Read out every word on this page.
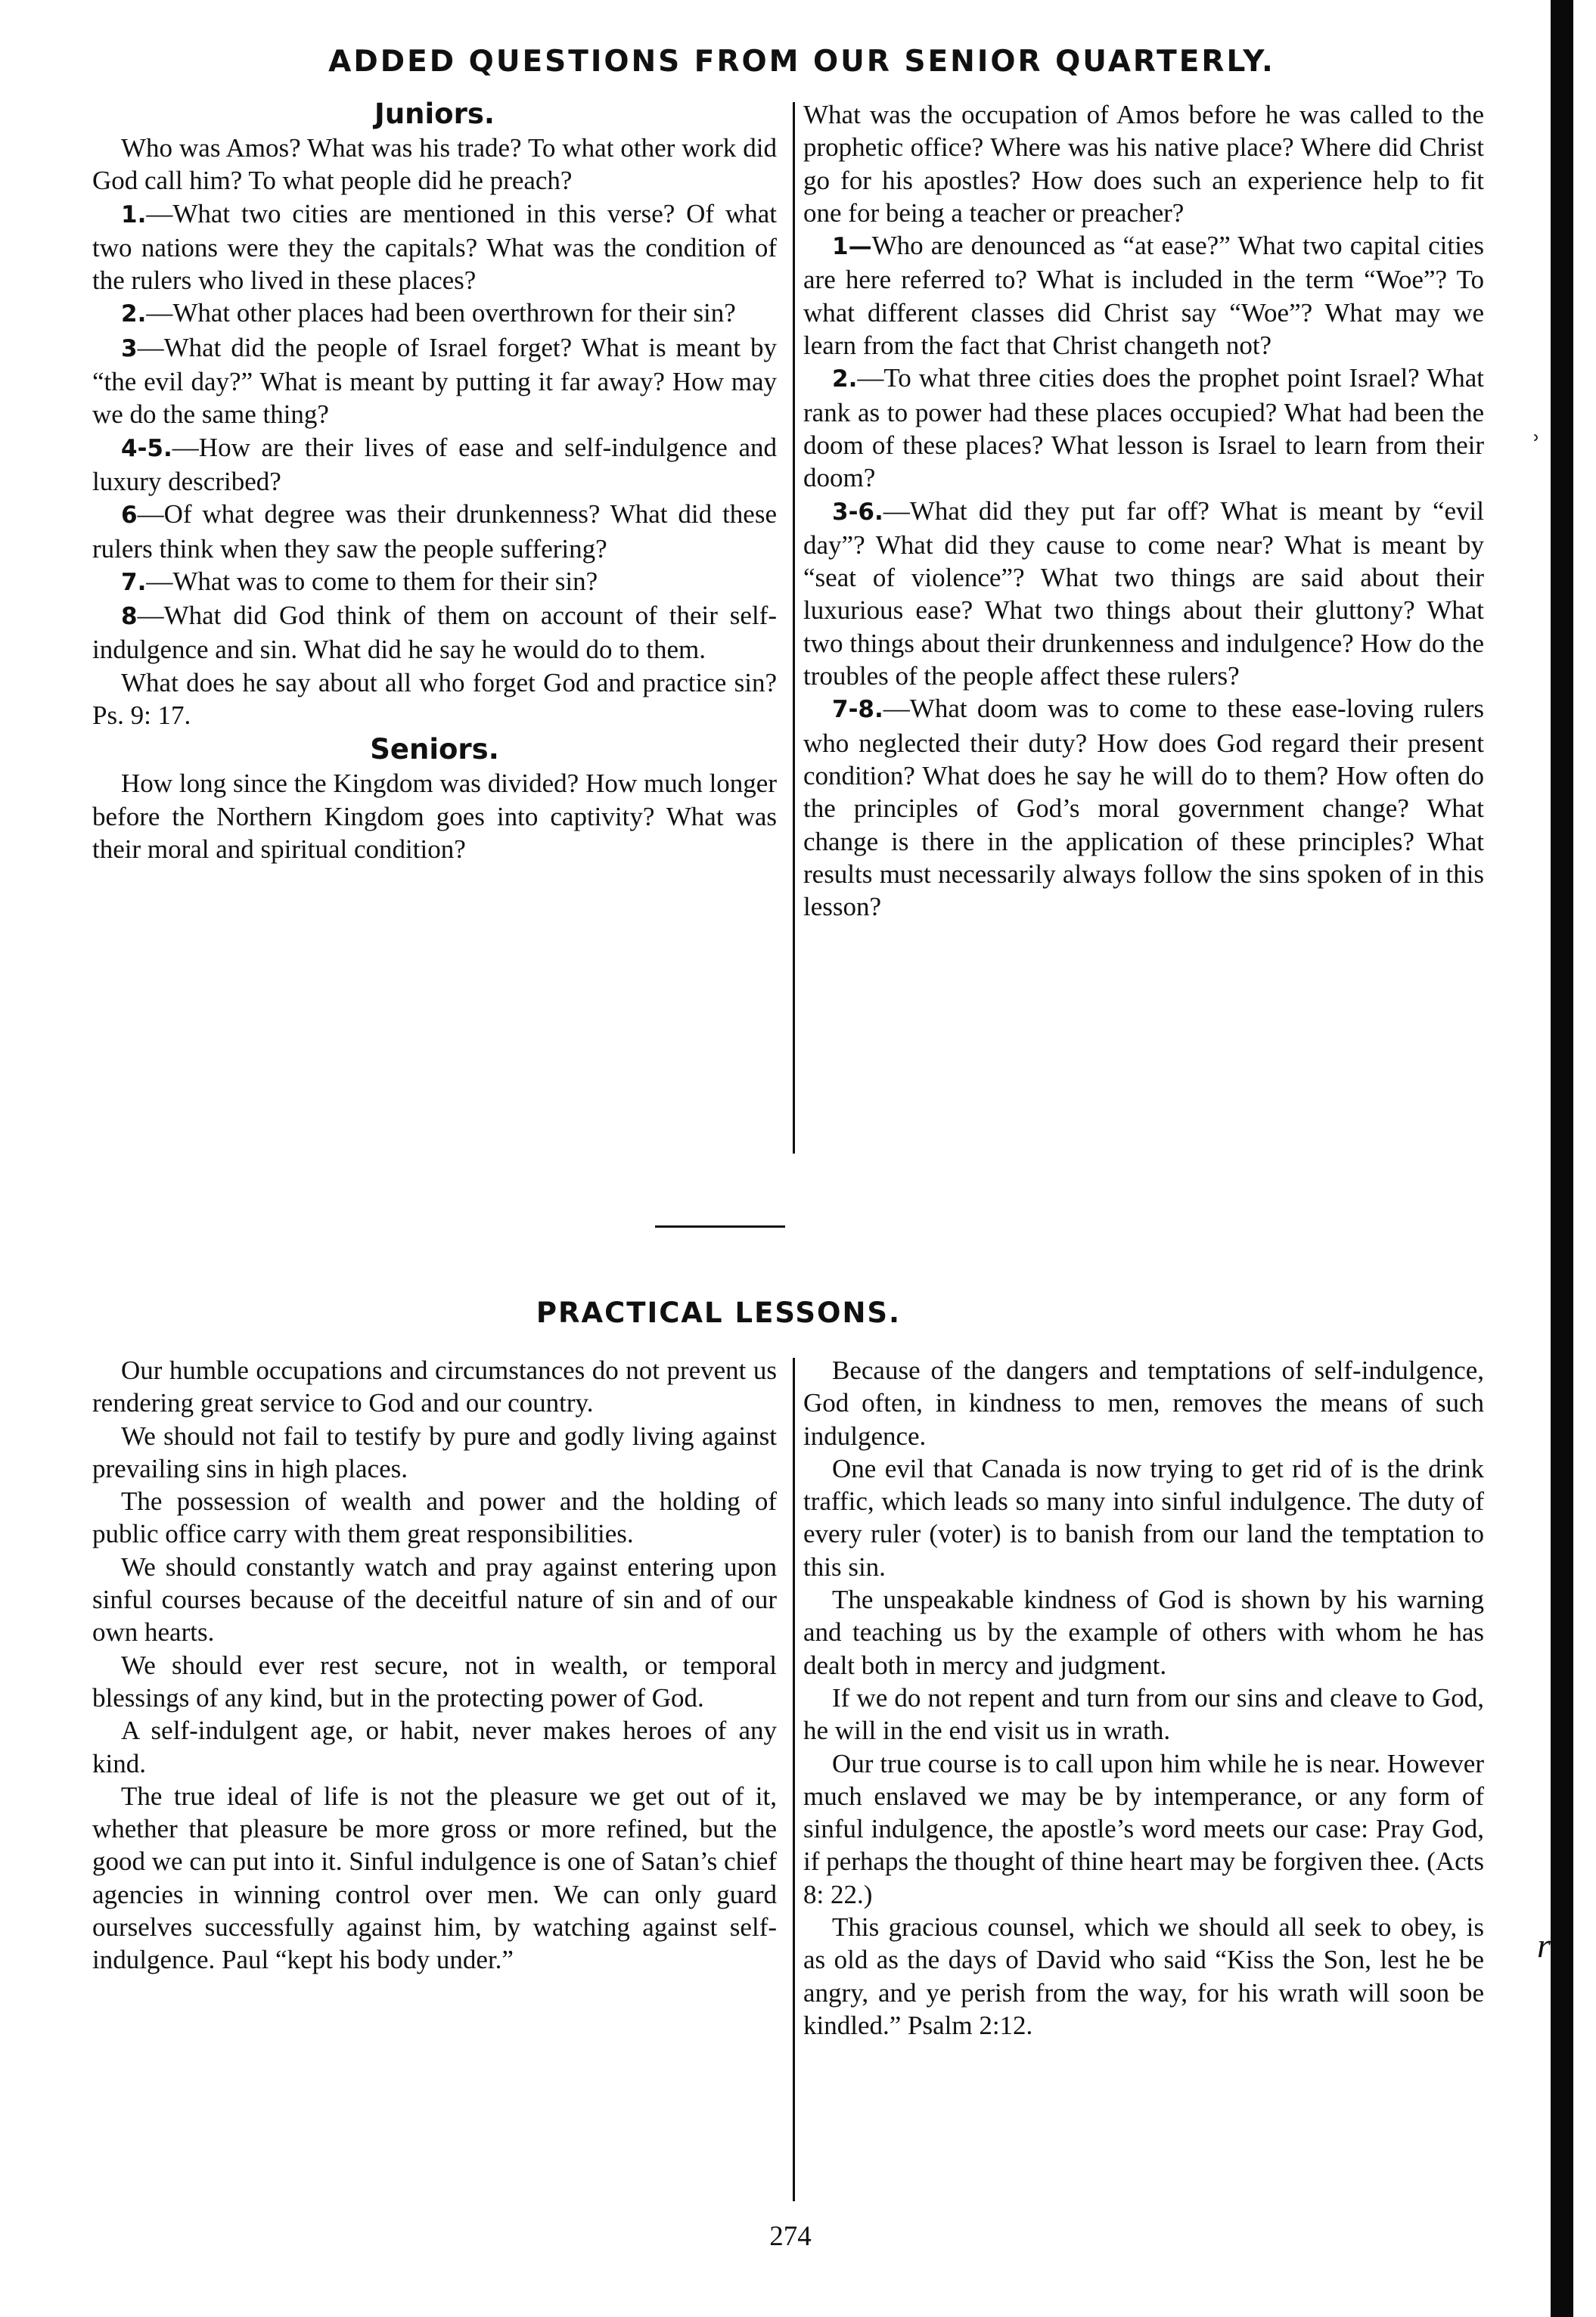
ADDED QUESTIONS FROM OUR SENIOR QUARTERLY.
Juniors.

Who was Amos? What was his trade? To what other work did God call him? To what people did he preach?

1.—What two cities are mentioned in this verse? Of what two nations were they the capitals? What was the condition of the rulers who lived in these places?

2.—What other places had been overthrown for their sin?

3—What did the people of Israel forget? What is meant by “the evil day?” What is meant by putting it far away? How may we do the same thing?

4-5.—How are their lives of ease and self-indulgence and luxury described?

6—Of what degree was their drunkenness? What did these rulers think when they saw the people suffering?

7.—What was to come to them for their sin?

8—What did God think of them on account of their self-indulgence and sin. What did he say he would do to them.

What does he say about all who forget God and practice sin? Ps. 9: 17.

Seniors.

How long since the Kingdom was divided? How much longer before the Northern Kingdom goes into captivity? What was their moral and spiritual condition?

What was the occupation of Amos before he was called to the prophetic office? Where was his native place? Where did Christ go for his apostles? How does such an experience help to fit one for being a teacher or preacher?

1—Who are denounced as “at ease?” What two capital cities are here referred to? What is included in the term “Woe”? To what different classes did Christ say “Woe”? What may we learn from the fact that Christ changeth not?

2.—To what three cities does the prophet point Israel? What rank as to power had these places occupied? What had been the doom of these places? What lesson is Israel to learn from their doom?

3-6.—What did they put far off? What is meant by “evil day”? What did they cause to come near? What is meant by “seat of violence”? What two things are said about their luxurious ease? What two things about their gluttony? What two things about their drunkenness and indulgence? How do the troubles of the people affect these rulers?

7-8.—What doom was to come to these ease-loving rulers who neglected their duty? How does God regard their present condition? What does he say he will do to them? How often do the principles of God’s moral government change? What change is there in the application of these principles? What results must necessarily always follow the sins spoken of in this lesson?

ʾ
PRACTICAL LESSONS.

Our humble occupations and circumstances do not prevent us rendering great service to God and our country.

We should not fail to testify by pure and godly living against prevailing sins in high places.

The possession of wealth and power and the holding of public office carry with them great responsibilities.

We should constantly watch and pray against entering upon sinful courses because of the deceitful nature of sin and of our own hearts.

We should ever rest secure, not in wealth, or temporal blessings of any kind, but in the protecting power of God.

A self-indulgent age, or habit, never makes heroes of any kind.

The true ideal of life is not the pleasure we get out of it, whether that pleasure be more gross or more refined, but the good we can put into it. Sinful indulgence is one of Satan’s chief agencies in winning control over men. We can only guard ourselves successfully against him, by watching against self-indulgence. Paul “kept his body under.”

Because of the dangers and temptations of self-indulgence, God often, in kindness to men, removes the means of such indulgence.

One evil that Canada is now trying to get rid of is the drink traffic, which leads so many into sinful indulgence. The duty of every ruler (voter) is to banish from our land the temptation to this sin.

The unspeakable kindness of God is shown by his warning and teaching us by the example of others with whom he has dealt both in mercy and judgment.

If we do not repent and turn from our sins and cleave to God, he will in the end visit us in wrath.

Our true course is to call upon him while he is near. However much enslaved we may be by intemperance, or any form of sinful indulgence, the apostle’s word meets our case: Pray God, if perhaps the thought of thine heart may be forgiven thee. (Acts 8: 22.)

This gracious counsel, which we should all seek to obey, is as old as the days of David who said “Kiss the Son, lest he be angry, and ye perish from the way, for his wrath will soon be kindled.” Psalm 2:12.

r
274
